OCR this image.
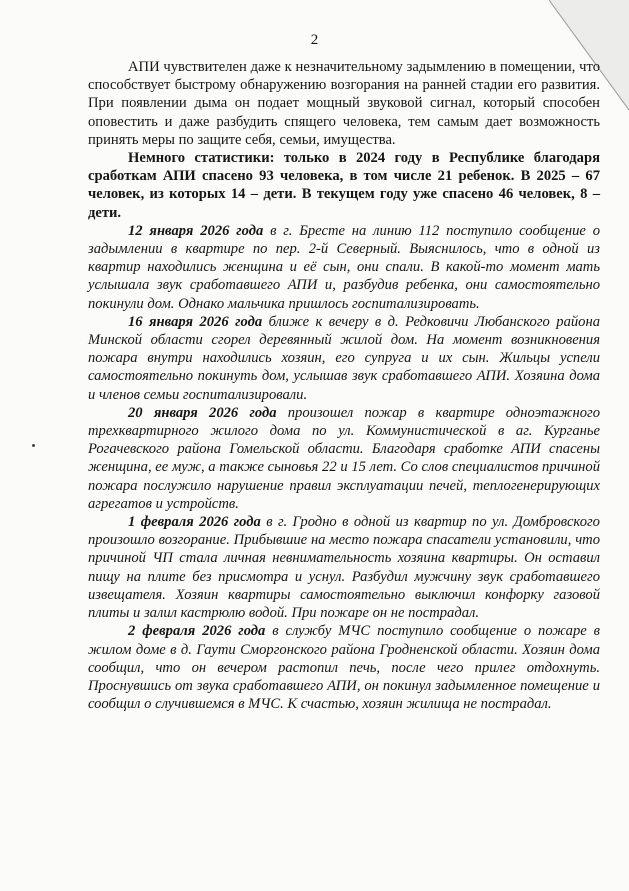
2

АПИ чувствителен даже к незначительному задымлению в помещении, что способствует быстрому обнаружению возгорания на ранней стадии его развития. При появлении дыма он подает мощный звуковой сигнал, который способен оповестить и даже разбудить спящего человека, тем самым дает возможность принять меры по защите себя, семьи, имущества.

Немного статистики: только в 2024 году в Республике благодаря сработкам АПИ спасено 93 человека, в том числе 21 ребенок. В 2025 – 67 человек, из которых 14 – дети. В текущем году уже спасено 46 человек, 8 – дети.

12 января 2026 года в г. Бресте на линию 112 поступило сообщение о задымлении в квартире по пер. 2-й Северный. Выяснилось, что в одной из квартир находились женщина и её сын, они спали. В какой-то момент мать услышала звук сработавшего АПИ и, разбудив ребенка, они самостоятельно покинули дом. Однако мальчика пришлось госпитализировать.

16 января 2026 года ближе к вечеру в д. Редковичи Любанского района Минской области сгорел деревянный жилой дом. На момент возникновения пожара внутри находились хозяин, его супруга и их сын. Жильцы успели самостоятельно покинуть дом, услышав звук сработавшего АПИ. Хозяина дома и членов семьи госпитализировали.

20 января 2026 года произошел пожар в квартире одноэтажного трехквартирного жилого дома по ул. Коммунистической в аг. Курганье Рогачевского района Гомельской области. Благодаря сработке АПИ спасены женщина, ее муж, а также сыновья 22 и 15 лет. Со слов специалистов причиной пожара послужило нарушение правил эксплуатации печей, теплогенерирующих агрегатов и устройств.

1 февраля 2026 года в г. Гродно в одной из квартир по ул. Домбровского произошло возгорание. Прибывшие на место пожара спасатели установили, что причиной ЧП стала личная невнимательность хозяина квартиры. Он оставил пищу на плите без присмотра и уснул. Разбудил мужчину звук сработавшего извещателя. Хозяин квартиры самостоятельно выключил конфорку газовой плиты и залил кастрюлю водой. При пожаре он не пострадал.

2 февраля 2026 года в службу МЧС поступило сообщение о пожаре в жилом доме в д. Гаути Сморгонского района Гродненской области. Хозяин дома сообщил, что он вечером растопил печь, после чего прилег отдохнуть. Проснувшись от звука сработавшего АПИ, он покинул задымленное помещение и сообщил о случившемся в МЧС. К счастью, хозяин жилища не пострадал.
